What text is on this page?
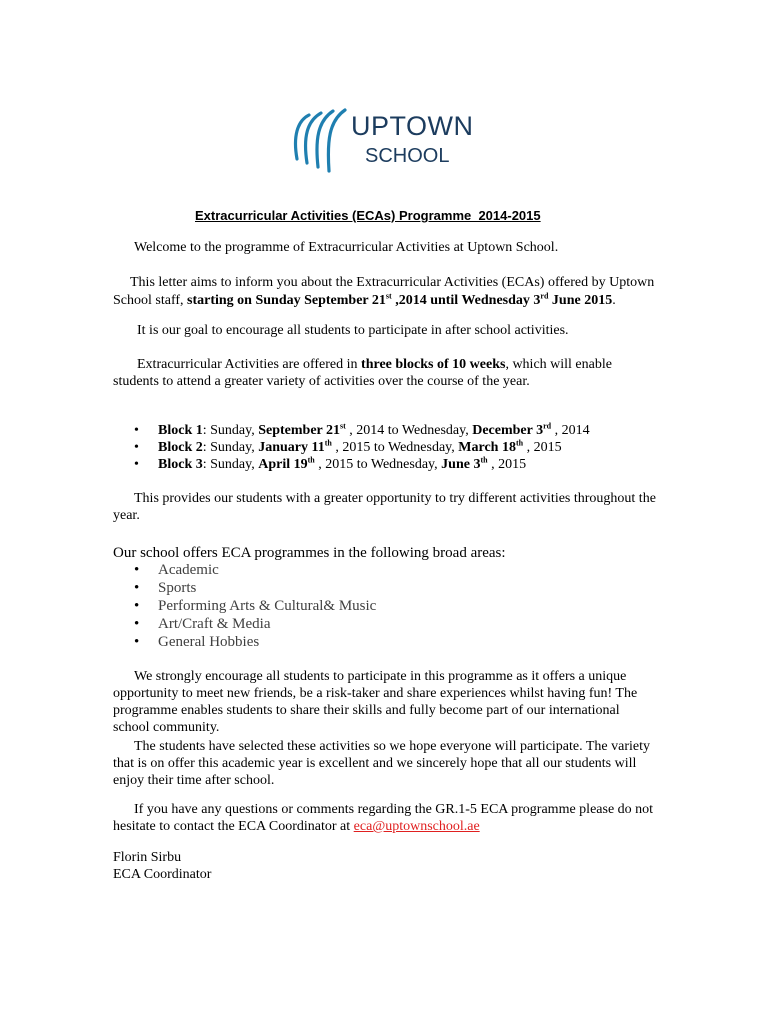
UPTOWN
SCHOOL
Extracurricular Activities (ECAs) Programme  2014-2015

Welcome to the programme of Extracurricular Activities at Uptown School.

This letter aims to inform you about the Extracurricular Activities (ECAs) offered by Uptown School staff, starting on Sunday September 21st ,2014 until Wednesday 3rd June 2015.

It is our goal to encourage all students to participate in after school activities.

Extracurricular Activities are offered in three blocks of 10 weeks, which will enable students to attend a greater variety of activities over the course of the year.

• Block 1: Sunday, September 21st , 2014 to Wednesday, December 3rd , 2014
• Block 2: Sunday, January 11th , 2015 to Wednesday, March 18th , 2015
• Block 3: Sunday, April 19th , 2015 to Wednesday, June 3th , 2015

This provides our students with a greater opportunity to try different activities throughout the year.

Our school offers ECA programmes in the following broad areas:

• Academic
• Sports
• Performing Arts & Cultural& Music
• Art/Craft & Media
• General Hobbies

We strongly encourage all students to participate in this programme as it offers a unique opportunity to meet new friends, be a risk-taker and share experiences whilst having fun! The programme enables students to share their skills and fully become part of our international school community.

The students have selected these activities so we hope everyone will participate. The variety that is on offer this academic year is excellent and we sincerely hope that all our students will enjoy their time after school.

If you have any questions or comments regarding the GR.1-5 ECA programme please do not hesitate to contact the ECA Coordinator at eca@uptownschool.ae

Florin Sirbu

ECA Coordinator
